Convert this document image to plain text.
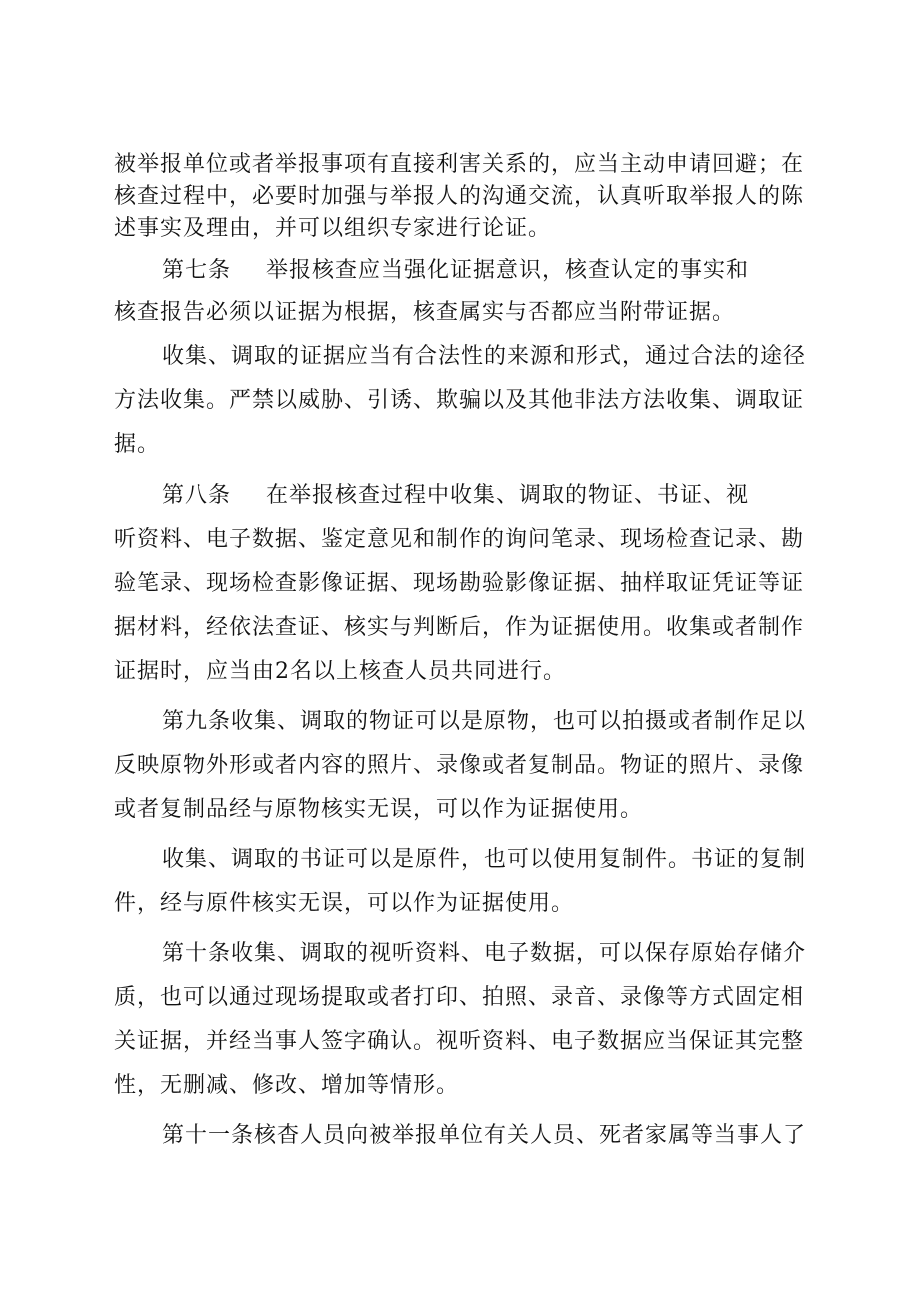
被举报单位或者举报事项有直接利害关系的，应当主动申请回避；在
核查过程中，必要时加强与举报人的沟通交流，认真听取举报人的陈
述事实及理由，并可以组织专家进行论证。
第七条 举报核查应当强化证据意识，核查认定的事实和
核查报告必须以证据为根据，核查属实与否都应当附带证据。
收集、调取的证据应当有合法性的来源和形式，通过合法的途径
方法收集。严禁以威胁、引诱、欺骗以及其他非法方法收集、调取证
据。
第八条 在举报核查过程中收集、调取的物证、书证、视
听资料、电子数据、鉴定意见和制作的询问笔录、现场检查记录、勘
验笔录、现场检查影像证据、现场勘验影像证据、抽样取证凭证等证
据材料，经依法查证、核实与判断后，作为证据使用。收集或者制作
证据时，应当由2名以上核查人员共同进行。
第九条收集、调取的物证可以是原物，也可以拍摄或者制作足以
反映原物外形或者内容的照片、录像或者复制品。物证的照片、录像
或者复制品经与原物核实无误，可以作为证据使用。
收集、调取的书证可以是原件，也可以使用复制件。书证的复制
件，经与原件核实无误，可以作为证据使用。
第十条收集、调取的视听资料、电子数据，可以保存原始存储介
质，也可以通过现场提取或者打印、拍照、录音、录像等方式固定相
关证据，并经当事人签字确认。视听资料、电子数据应当保证其完整
性，无删减、修改、增加等情形。
第十一条核杳人员向被举报单位有关人员、死者家属等当事人了
